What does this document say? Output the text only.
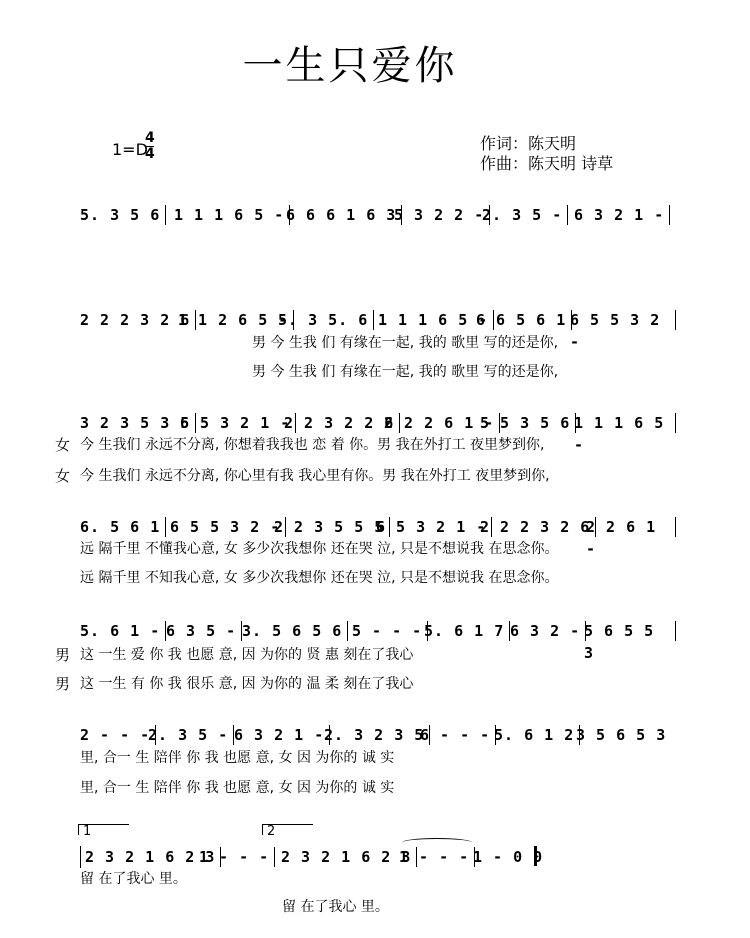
一生只爱你
1=D
4
4
作词：陈天明
作曲：陈天明 诗草
5. 3 5 6 1 1 1 6 5 - 6 6 6 1 6 3
5 3 2 2 -
2. 3 5 - 6 3 2 1 -
2 2 2 3 2 6
1 1 2 6 5 -
5. 3 5. 6 1 1 1 6 5 -
6 6 5 6 1 6 5 5 3 2 -
男 今 生我 们 有缘在一起, 我的 歌里 写的还是你,
男 今 生我 们 有缘在一起, 我的 歌里 写的还是你,
3 2 3 5 3 5
6 5 3 2 1 -
2 2 3 2 2 6
2 2 2 6 1 -
5 5 3 5 6 1 1 1 6 5 -
女 今 生我们 永远不分离, 你想着我我也 恋 着 你。男 我在外打工 夜里梦到你,
女 今 生我们 永远不分离, 你心里有我 我心里有你。男 我在外打工 夜里梦到你,
6. 5 6 1 6 5 5 3 2 -
2 2 3 5 5 5
6 5 3 2 1 -
2 2 2 3 2 6
2 2 6 1 -
远 隔千里 不懂我心意, 女 多少次我想你 还在哭 泣, 只是不想说我 在思念你。
远 隔千里 不知我心意, 女 多少次我想你 还在哭 泣, 只是不想说我 在思念你。
5. 6 1 - 6 3 5 - 3. 5 6 5 6 5 - - - 5. 6 1 7 6 3 2 - 5 6 5 5 3
男 这 一生 爱 你 我 也愿 意, 因 为你的 贤 惠 刻在了我心
男 这 一生 有 你 我 很乐 意, 因 为你的 温 柔 刻在了我心
2 - - -
2. 3 5 - 6 3 2 1 - 2. 3 2 3 5
6 - - - 5. 6 1 2 3 5 6 5 3
里, 合一 生 陪伴 你 我 也愿 意, 女 因 为你的 诚 实
里, 合一 生 陪伴 你 我 也愿 意, 女 因 为你的 诚 实
1	2
2 3 2 1 6 2 3
1 - - - 2 3 2 1 6 2 3
1 - - - 1 - 0 0
留 在了我心 里。
留 在了我心 里。
